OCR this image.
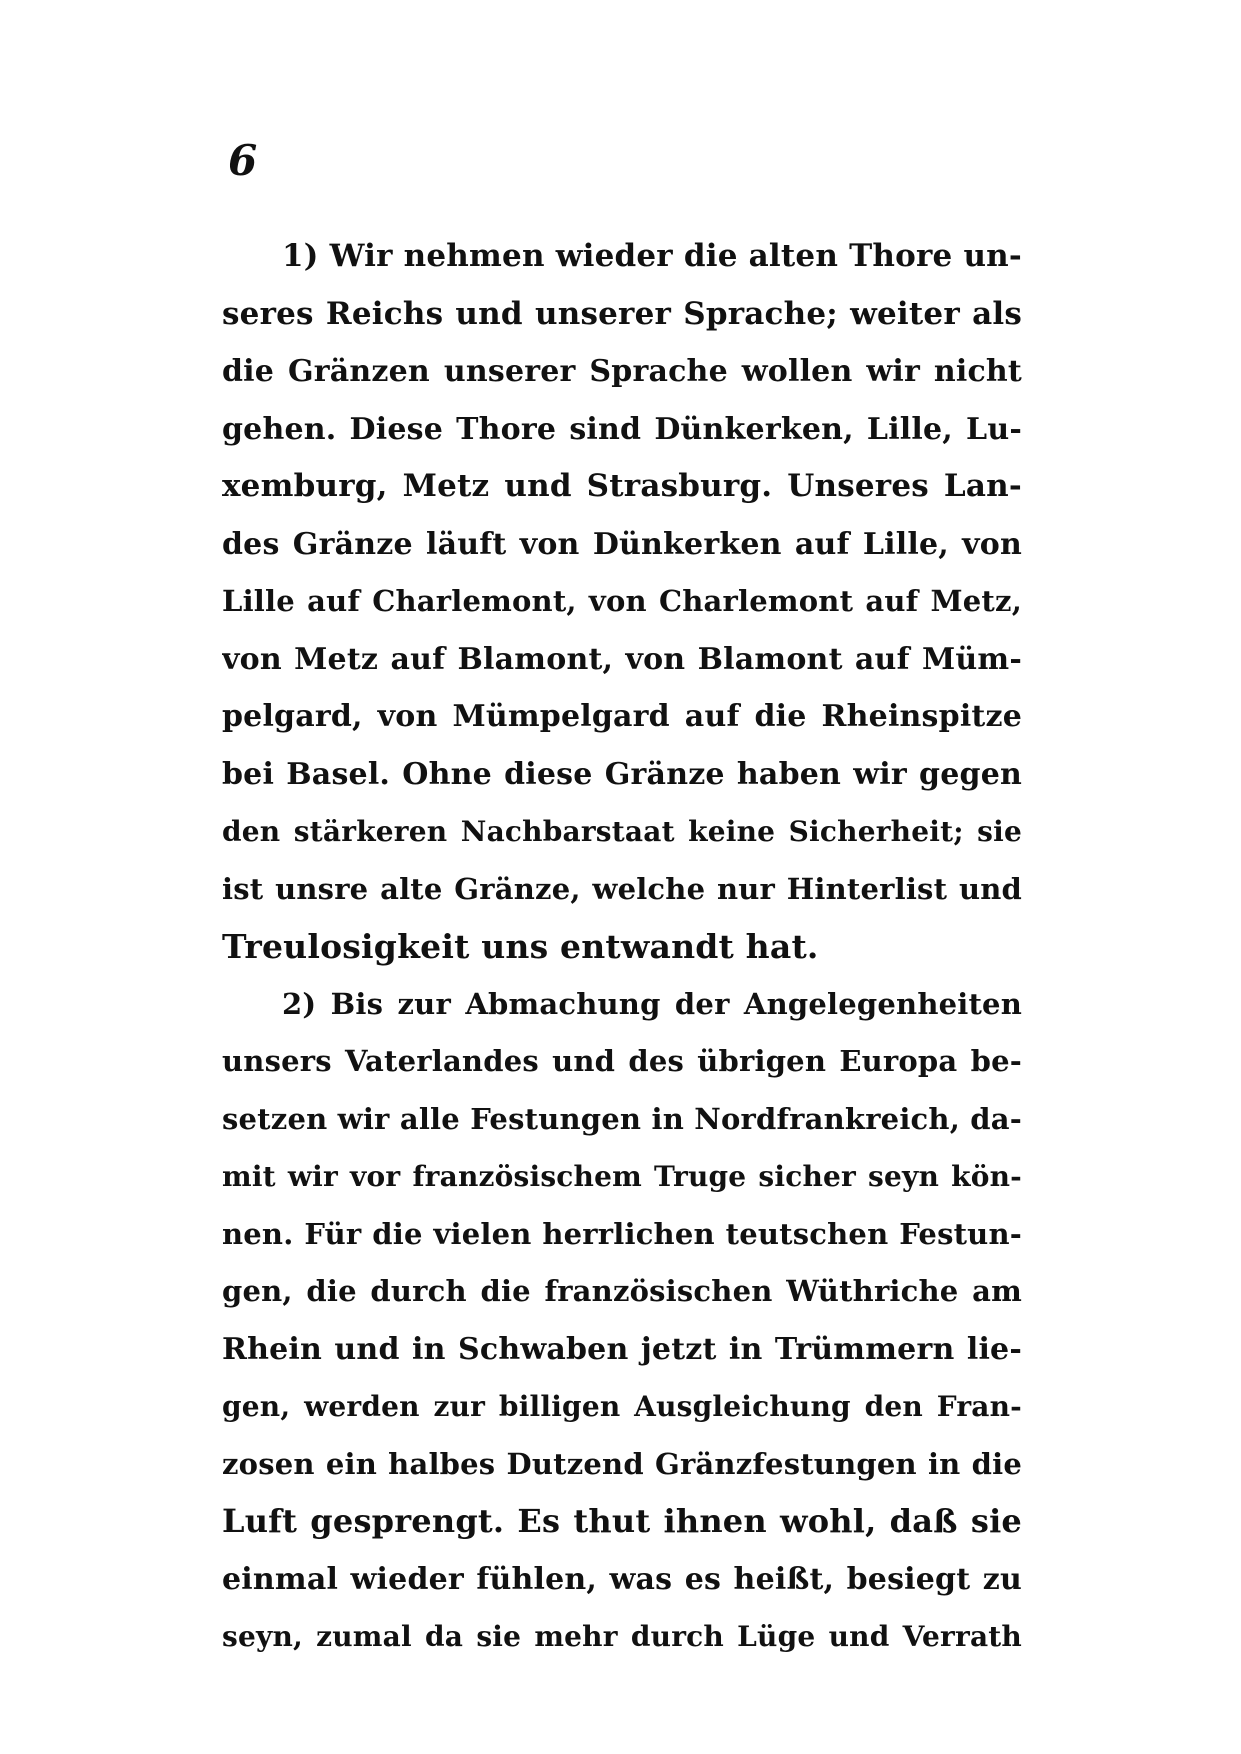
6
1) Wir nehmen wieder die alten Thore un-
seres Reichs und unserer Sprache; weiter als
die Gränzen unserer Sprache wollen wir nicht
gehen. Diese Thore sind Dünkerken, Lille, Lu-
xemburg, Metz und Strasburg. Unseres Lan-
des Gränze läuft von Dünkerken auf Lille, von
Lille auf Charlemont, von Charlemont auf Metz,
von Metz auf Blamont, von Blamont auf Müm-
pelgard, von Mümpelgard auf die Rheinspitze
bei Basel. Ohne diese Gränze haben wir gegen
den stärkeren Nachbarstaat keine Sicherheit; sie
ist unsre alte Gränze, welche nur Hinterlist und
Treulosigkeit uns entwandt hat.
2) Bis zur Abmachung der Angelegenheiten
unsers Vaterlandes und des übrigen Europa be-
setzen wir alle Festungen in Nordfrankreich, da-
mit wir vor französischem Truge sicher seyn kön-
nen. Für die vielen herrlichen teutschen Festun-
gen, die durch die französischen Wüthriche am
Rhein und in Schwaben jetzt in Trümmern lie-
gen, werden zur billigen Ausgleichung den Fran-
zosen ein halbes Dutzend Gränzfestungen in die
Luft gesprengt. Es thut ihnen wohl, daß sie
einmal wieder fühlen, was es heißt, besiegt zu
seyn, zumal da sie mehr durch Lüge und Verrath
